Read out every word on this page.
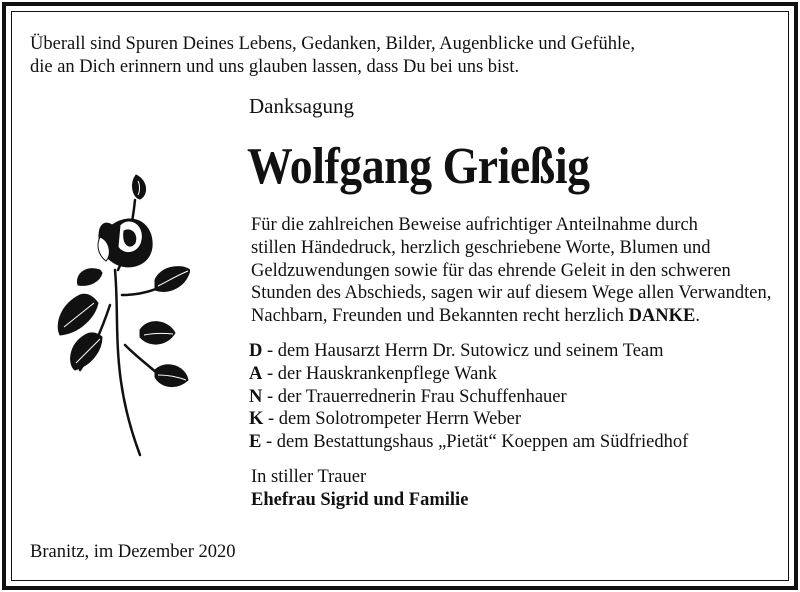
Überall sind Spuren Deines Lebens, Gedanken, Bilder, Augenblicke und Gefühle,
die an Dich erinnern und uns glauben lassen, dass Du bei uns bist.
Danksagung
Wolfgang Grießig
Für die zahlreichen Beweise aufrichtiger Anteilnahme durch
stillen Händedruck, herzlich geschriebene Worte, Blumen und
Geldzuwendungen sowie für das ehrende Geleit in den schweren
Stunden des Abschieds, sagen wir auf diesem Wege allen Verwandten,
Nachbarn, Freunden und Bekannten recht herzlich DANKE.
D - dem Hausarzt Herrn Dr. Sutowicz und seinem Team
A - der Hauskrankenpflege Wank
N - der Trauerrednerin Frau Schuffenhauer
K - dem Solotrompeter Herrn Weber
E - dem Bestattungshaus „Pietät“ Koeppen am Südfriedhof
In stiller Trauer
Ehefrau Sigrid und Familie
Branitz, im Dezember 2020
